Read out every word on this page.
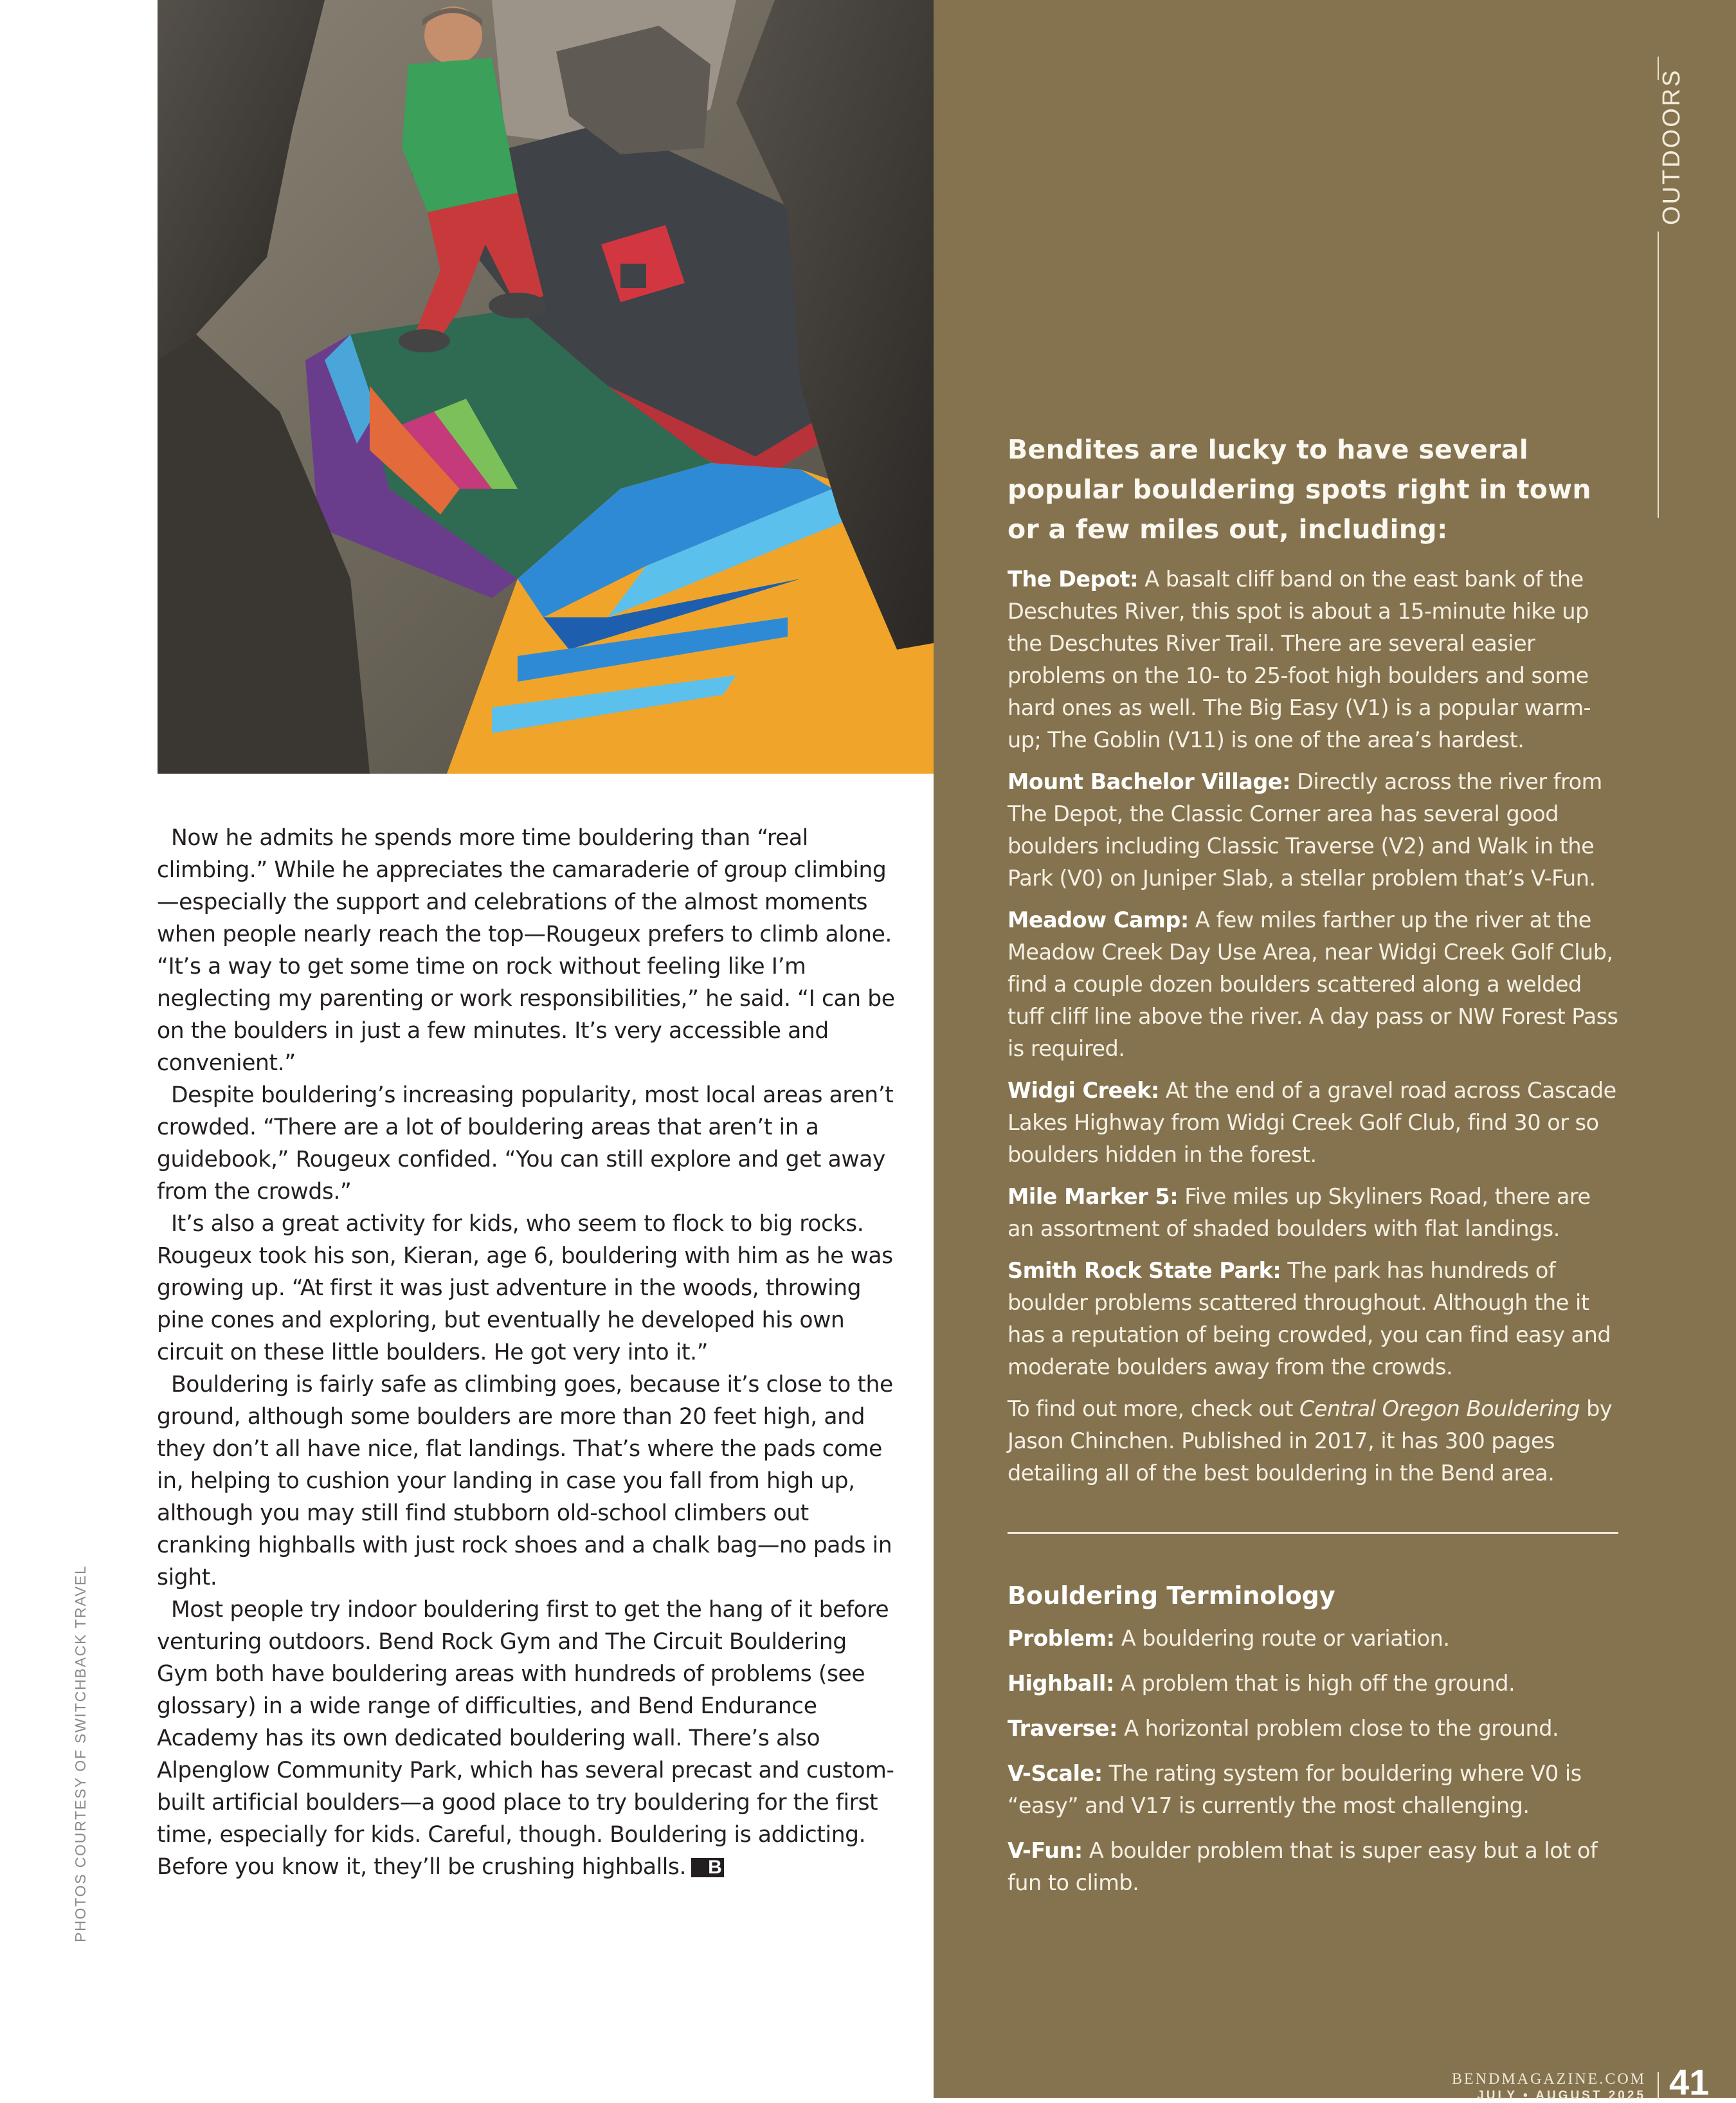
PHOTOS COURTESY OF SWITCHBACK TRAVEL

Now he admits he spends more time bouldering than “real climbing.” While he appreciates the camaraderie of group climbing—especially the support and celebrations of the almost moments when people nearly reach the top—Rougeux prefers to climb alone. “It’s a way to get some time on rock without feeling like I’m neglecting my parenting or work responsibilities,” he said. “I can be on the boulders in just a few minutes. It’s very accessible and convenient.”

Despite bouldering’s increasing popularity, most local areas aren’t crowded. “There are a lot of bouldering areas that aren’t in a guidebook,” Rougeux confided. “You can still explore and get away from the crowds.”

It’s also a great activity for kids, who seem to flock to big rocks. Rougeux took his son, Kieran, age 6, bouldering with him as he was growing up. “At first it was just adventure in the woods, throwing pine cones and exploring, but eventually he developed his own circuit on these little boulders. He got very into it.”

Bouldering is fairly safe as climbing goes, because it’s close to the ground, although some boulders are more than 20 feet high, and they don’t all have nice, flat landings. That’s where the pads come in, helping to cushion your landing in case you fall from high up, although you may still find stubborn old-school climbers out cranking highballs with just rock shoes and a chalk bag—no pads in sight.

Most people try indoor bouldering first to get the hang of it before venturing outdoors. Bend Rock Gym and The Circuit Bouldering Gym both have bouldering areas with hundreds of problems (see glossary) in a wide range of difficulties, and Bend Endurance Academy has its own dedicated bouldering wall. There’s also Alpenglow Community Park, which has several precast and custom-built artificial boulders—a good place to try bouldering for the first time, especially for kids. Careful, though. Bouldering is addicting. Before you know it, they’ll be crushing highballs. B

OUTDOORS
Bendites are lucky to have several popular bouldering spots right in town or a few miles out, including:

The Depot: A basalt cliff band on the east bank of the Deschutes River, this spot is about a 15-minute hike up the Deschutes River Trail. There are several easier problems on the 10- to 25-foot high boulders and some hard ones as well. The Big Easy (V1) is a popular warm-up; The Goblin (V11) is one of the area’s hardest.

Mount Bachelor Village: Directly across the river from The Depot, the Classic Corner area has several good boulders including Classic Traverse (V2) and Walk in the Park (V0) on Juniper Slab, a stellar problem that’s V-Fun.

Meadow Camp: A few miles farther up the river at the Meadow Creek Day Use Area, near Widgi Creek Golf Club, find a couple dozen boulders scattered along a welded tuff cliff line above the river. A day pass or NW Forest Pass is required.

Widgi Creek: At the end of a gravel road across Cascade Lakes Highway from Widgi Creek Golf Club, find 30 or so boulders hidden in the forest.

Mile Marker 5: Five miles up Skyliners Road, there are an assortment of shaded boulders with flat landings.

Smith Rock State Park: The park has hundreds of boulder problems scattered throughout. Although the it has a reputation of being crowded, you can find easy and moderate boulders away from the crowds.

To find out more, check out Central Oregon Bouldering by Jason Chinchen. Published in 2017, it has 300 pages detailing all of the best bouldering in the Bend area.

Bouldering Terminology

Problem: A bouldering route or variation.

Highball: A problem that is high off the ground.

Traverse: A horizontal problem close to the ground.

V-Scale: The rating system for bouldering where V0 is “easy” and V17 is currently the most challenging.

V-Fun: A boulder problem that is super easy but a lot of fun to climb.

BENDMAGAZINE.COM
JULY • AUGUST 2025 41
